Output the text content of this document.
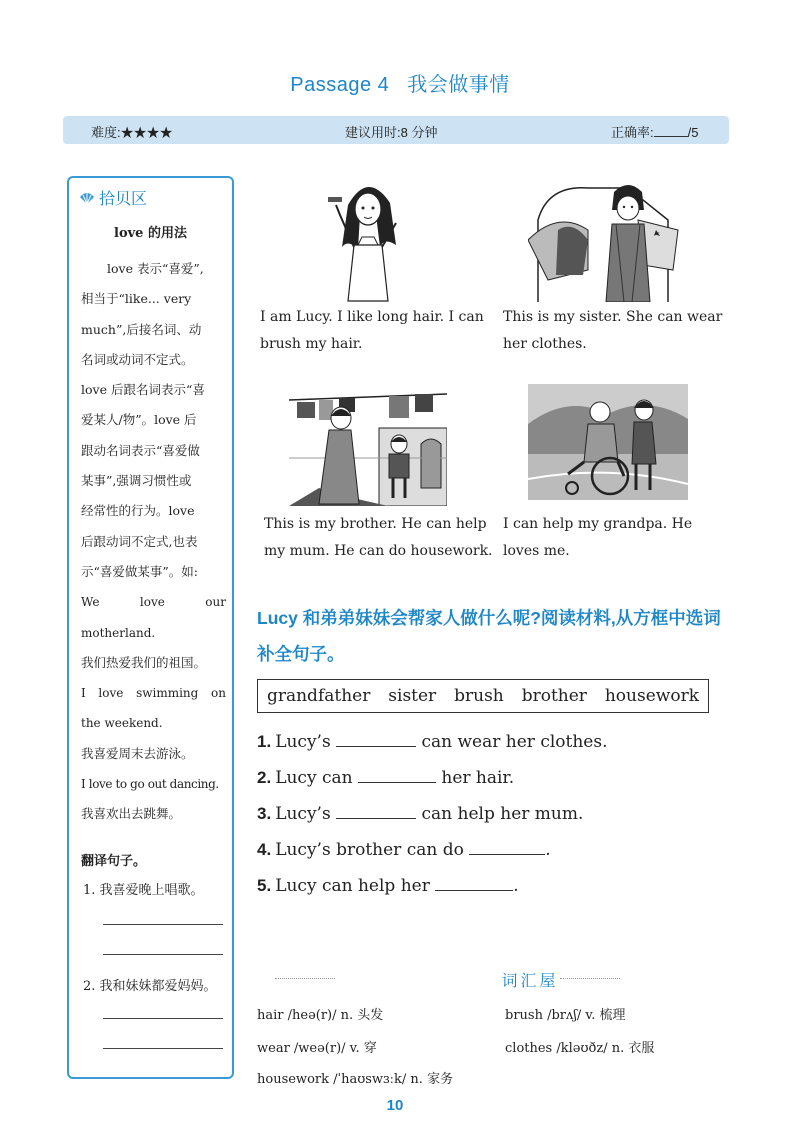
Passage 4 我会做事情
难度:★★★★	建议用时:8 分钟	正确率:	/5
拾贝区
love 的用法

love 表示“喜爱”,

相当于“like... very

much”,后接名词、动

名词或动词不定式。

love 后跟名词表示“喜

爱某人/物”。love 后

跟动名词表示“喜爱做

某事”,强调习惯性或

经常性的行为。love

后跟动词不定式,也表

示“喜爱做某事”。如:

We love our motherland.

我们热爱我们的祖国。

I love swimming on

the weekend.

我喜爱周末去游泳。

I love to go out dancing.

我喜欢出去跳舞。

翻译句子。
1. 我喜爱晚上唱歌。
2. 我和妹妹都爱妈妈。
I am Lucy. I like long hair. I can brush my hair.
This is my sister. She can wear her clothes.
This is my brother. He can help my mum. He can do housework.
I can help my grandpa. He loves me.
Lucy 和弟弟妹妹会帮家人做什么呢?阅读材料,从方框中选词补全句子。
grandfather sister brush brother housework
1. Lucy’s	can wear her clothes.
2. Lucy can	her hair.
3. Lucy’s	can help her mum.
4. Lucy’s brother can do	.
5. Lucy can help her	.
词汇屋
hair /heə(r)/ n. 头发	brush /brʌʃ/ v. 梳理
wear /weə(r)/ v. 穿	clothes /kləʊðz/ n. 衣服
housework /ˈhaʊswɜːk/ n. 家务
10
